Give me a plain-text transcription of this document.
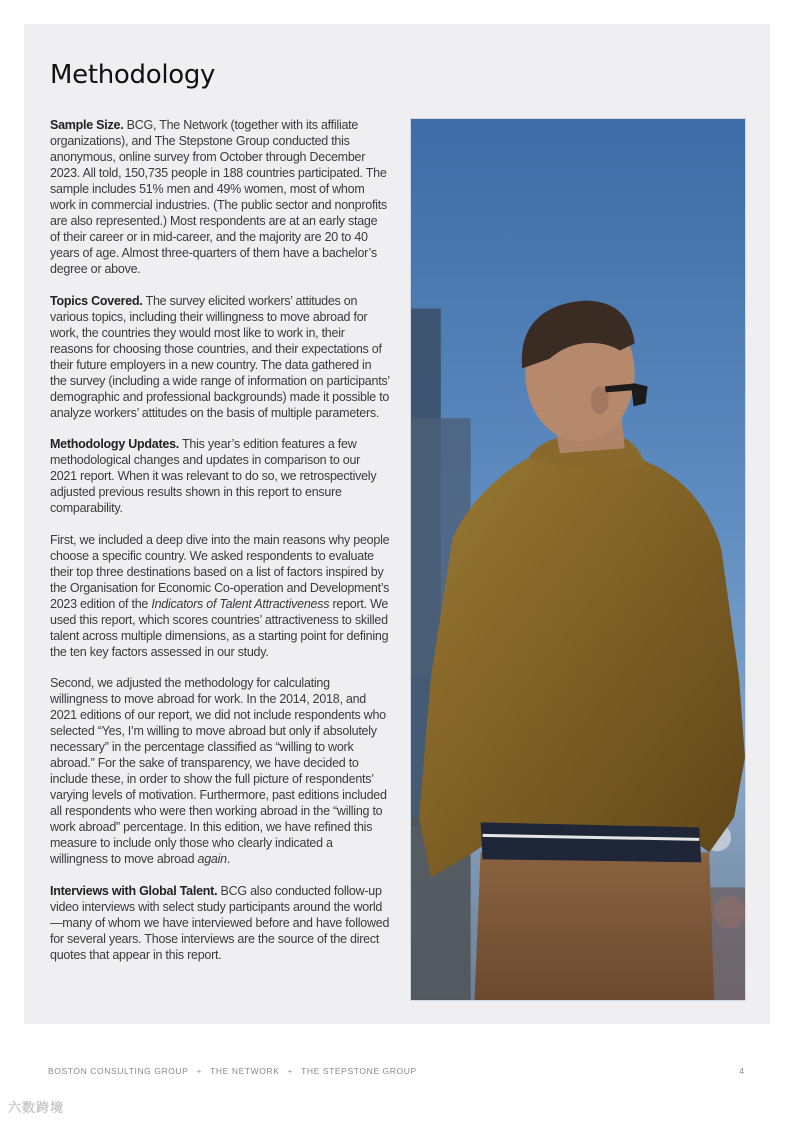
Methodology

Sample Size. BCG, The Network (together with its affiliate organizations), and The Stepstone Group conducted this anonymous, online survey from October through December 2023. All told, 150,735 people in 188 countries participated. The sample includes 51% men and 49% women, most of whom work in commercial industries. (The public sector and nonprofits are also represented.) Most respondents are at an early stage of their career or in mid-career, and the majority are 20 to 40 years of age. Almost three-quarters of them have a bachelor’s degree or above.

Topics Covered. The survey elicited workers’ attitudes on various topics, including their willingness to move abroad for work, the countries they would most like to work in, their reasons for choosing those countries, and their expectations of their future employers in a new country. The data gathered in the survey (including a wide range of information on participants’ demographic and professional backgrounds) made it possible to analyze workers’ attitudes on the basis of multiple parameters.

Methodology Updates. This year’s edition features a few methodological changes and updates in comparison to our 2021 report. When it was relevant to do so, we retrospectively adjusted previous results shown in this report to ensure comparability.

First, we included a deep dive into the main reasons why people choose a specific country. We asked respondents to evaluate their top three destinations based on a list of factors inspired by the Organisation for Economic Co-operation and Development’s 2023 edition of the Indicators of Talent Attractiveness report. We used this report, which scores countries’ attractiveness to skilled talent across multiple dimensions, as a starting point for defining the ten key factors assessed in our study.

Second, we adjusted the methodology for calculating willingness to move abroad for work. In the 2014, 2018, and 2021 editions of our report, we did not include respondents who selected “Yes, I’m willing to move abroad but only if absolutely necessary” in the percentage classified as “willing to work abroad.” For the sake of transparency, we have decided to include these, in order to show the full picture of respondents’ varying levels of motivation. Furthermore, past editions included all respondents who were then working abroad in the “willing to work abroad” percentage. In this edition, we have refined this measure to include only those who clearly indicated a willingness to move abroad again.

Interviews with Global Talent. BCG also conducted follow-up video interviews with select study participants around the world—many of whom we have interviewed before and have followed for several years. Those interviews are the source of the direct quotes that appear in this report.

BOSTON CONSULTING GROUP + THE NETWORK + THE STEPSTONE GROUP	4
六数跨境
